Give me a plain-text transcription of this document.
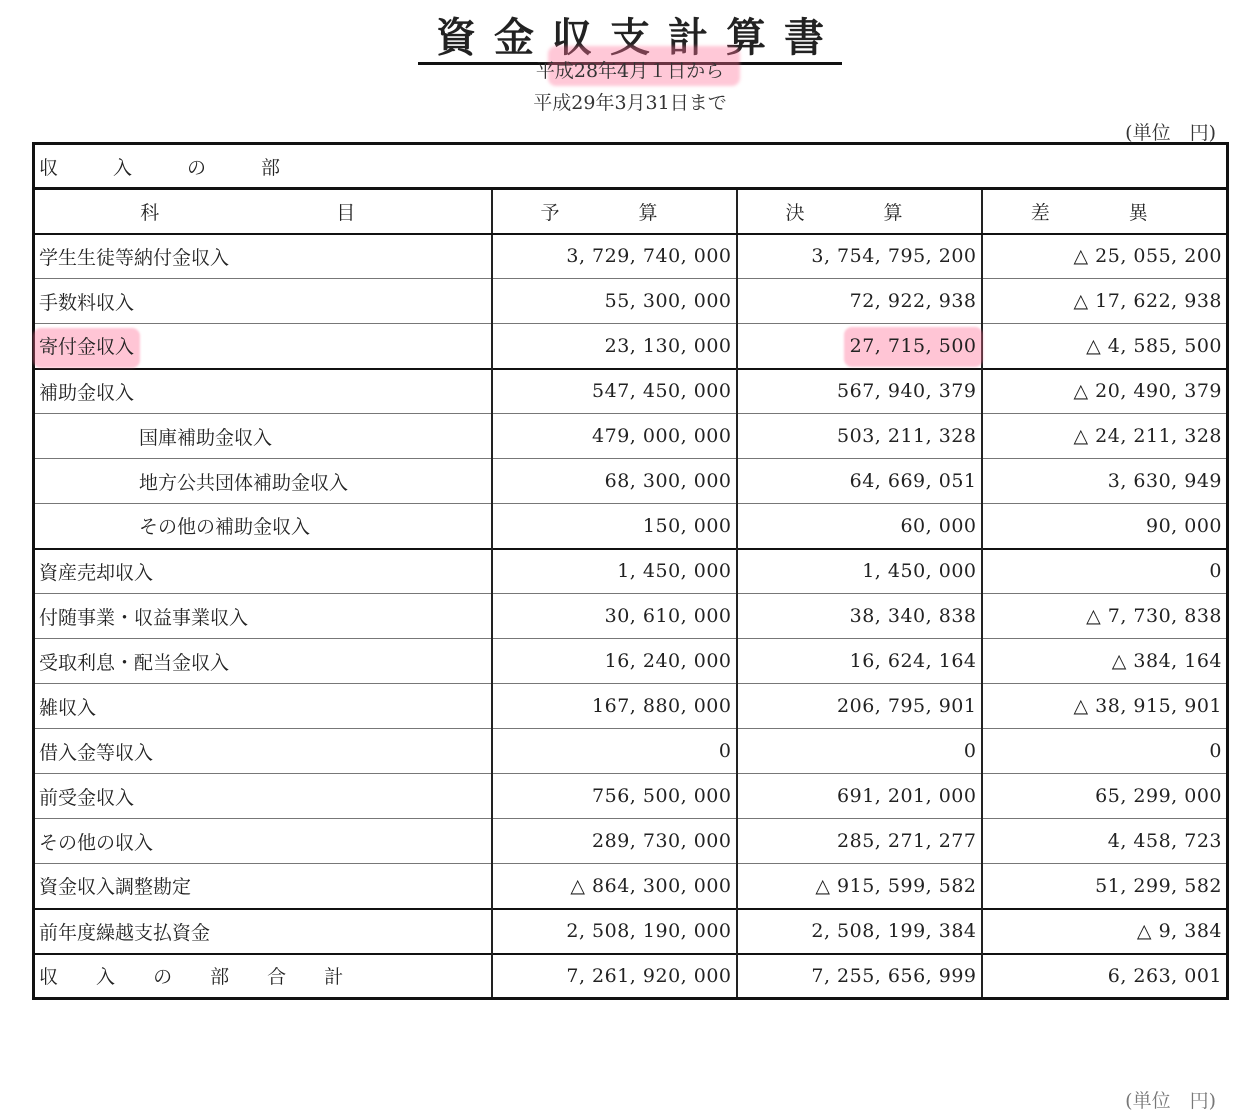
資金収支計算書
平成28年4月１日から
平成29年3月31日まで
(単位　円)
収　入　の　部			
科　　　目	予　算	決　算	差　異
学生生徒等納付金収入	3, 729, 740, 000	3, 754, 795, 200	△ 25, 055, 200
手数料収入	55, 300, 000	72, 922, 938	△ 17, 622, 938
寄付金収入	23, 130, 000	27, 715, 500	△ 4, 585, 500
補助金収入	547, 450, 000	567, 940, 379	△ 20, 490, 379
国庫補助金収入	479, 000, 000	503, 211, 328	△ 24, 211, 328
地方公共団体補助金収入	68, 300, 000	64, 669, 051	3, 630, 949
その他の補助金収入	150, 000	60, 000	90, 000
資産売却収入	1, 450, 000	1, 450, 000	0
付随事業・収益事業収入	30, 610, 000	38, 340, 838	△ 7, 730, 838
受取利息・配当金収入	16, 240, 000	16, 624, 164	△ 384, 164
雑収入	167, 880, 000	206, 795, 901	△ 38, 915, 901
借入金等収入	0	0	0
前受金収入	756, 500, 000	691, 201, 000	65, 299, 000
その他の収入	289, 730, 000	285, 271, 277	4, 458, 723
資金収入調整勘定	△ 864, 300, 000	△ 915, 599, 582	51, 299, 582
前年度繰越支払資金	2, 508, 190, 000	2, 508, 199, 384	△ 9, 384
収 入 の 部 合 計	7, 261, 920, 000	7, 255, 656, 999	6, 263, 001
(単位　円)
